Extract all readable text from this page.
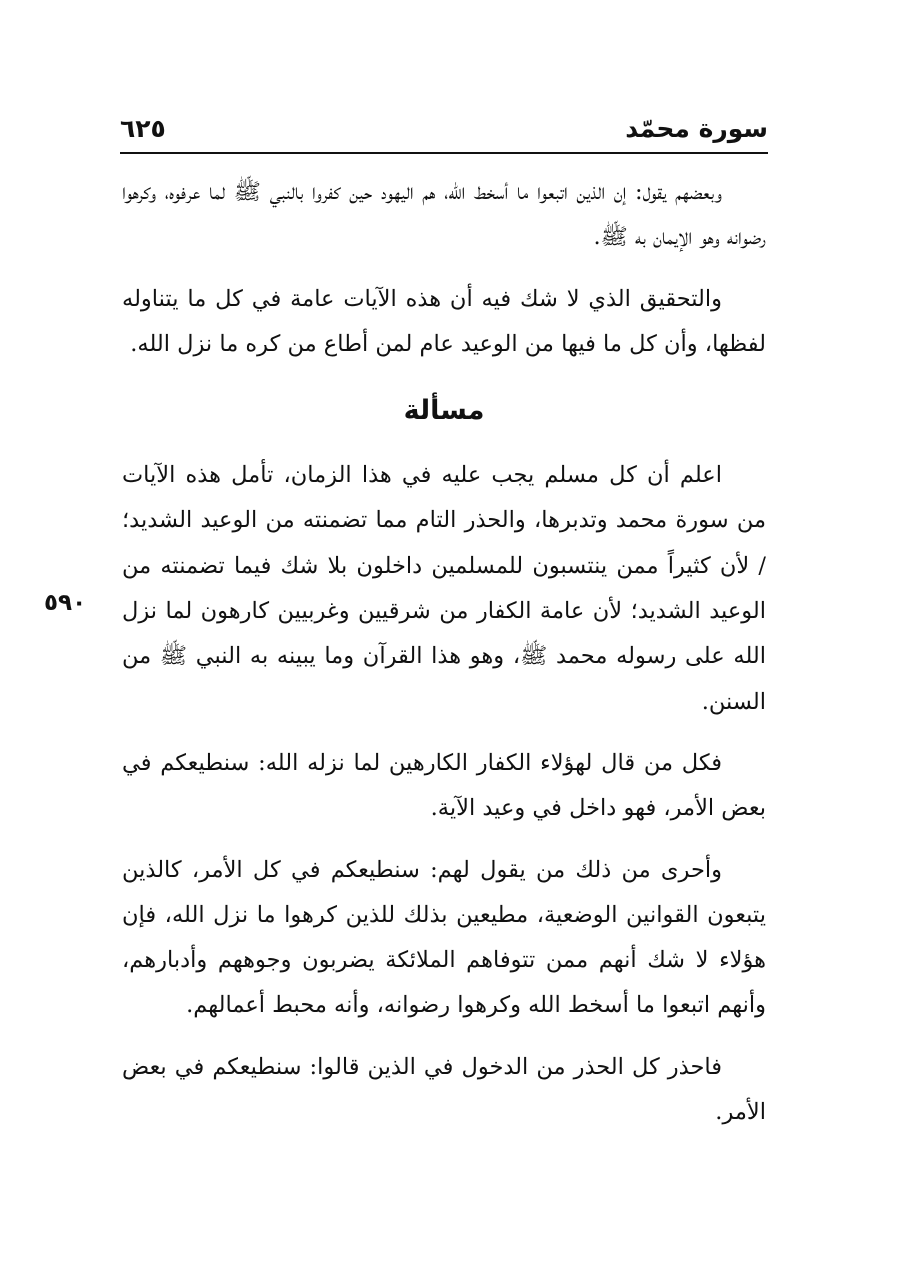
سورة محمّد
٦٢٥
٥٩٠

وبعضهم يقول: إن الذين اتبعوا ما أسخط الله، هم اليهود حين كفروا بالنبي ﷺ لما عرفوه، وكرهوا رضوانه وهو الإيمان به ﷺ.

والتحقيق الذي لا شك فيه أن هذه الآيات عامة في كل ما يتناوله لفظها، وأن كل ما فيها من الوعيد عام لمن أطاع من كره ما نزل الله.

مسألة

اعلم أن كل مسلم يجب عليه في هذا الزمان، تأمل هذه الآيات من سورة محمد وتدبرها، والحذر التام مما تضمنته من الوعيد الشديد؛ / لأن كثيراً ممن ينتسبون للمسلمين داخلون بلا شك فيما تضمنته من الوعيد الشديد؛ لأن عامة الكفار من شرقيين وغربيين كارهون لما نزل الله على رسوله محمد ﷺ، وهو هذا القرآن وما يبينه به النبي ﷺ من السنن.

فكل من قال لهؤلاء الكفار الكارهين لما نزله الله: سنطيعكم في بعض الأمر، فهو داخل في وعيد الآية.

وأحرى من ذلك من يقول لهم: سنطيعكم في كل الأمر، كالذين يتبعون القوانين الوضعية، مطيعين بذلك للذين كرهوا ما نزل الله، فإن هؤلاء لا شك أنهم ممن تتوفاهم الملائكة يضربون وجوههم وأدبارهم، وأنهم اتبعوا ما أسخط الله وكرهوا رضوانه، وأنه محبط أعمالهم.

فاحذر كل الحذر من الدخول في الذين قالوا: سنطيعكم في بعض الأمر.
